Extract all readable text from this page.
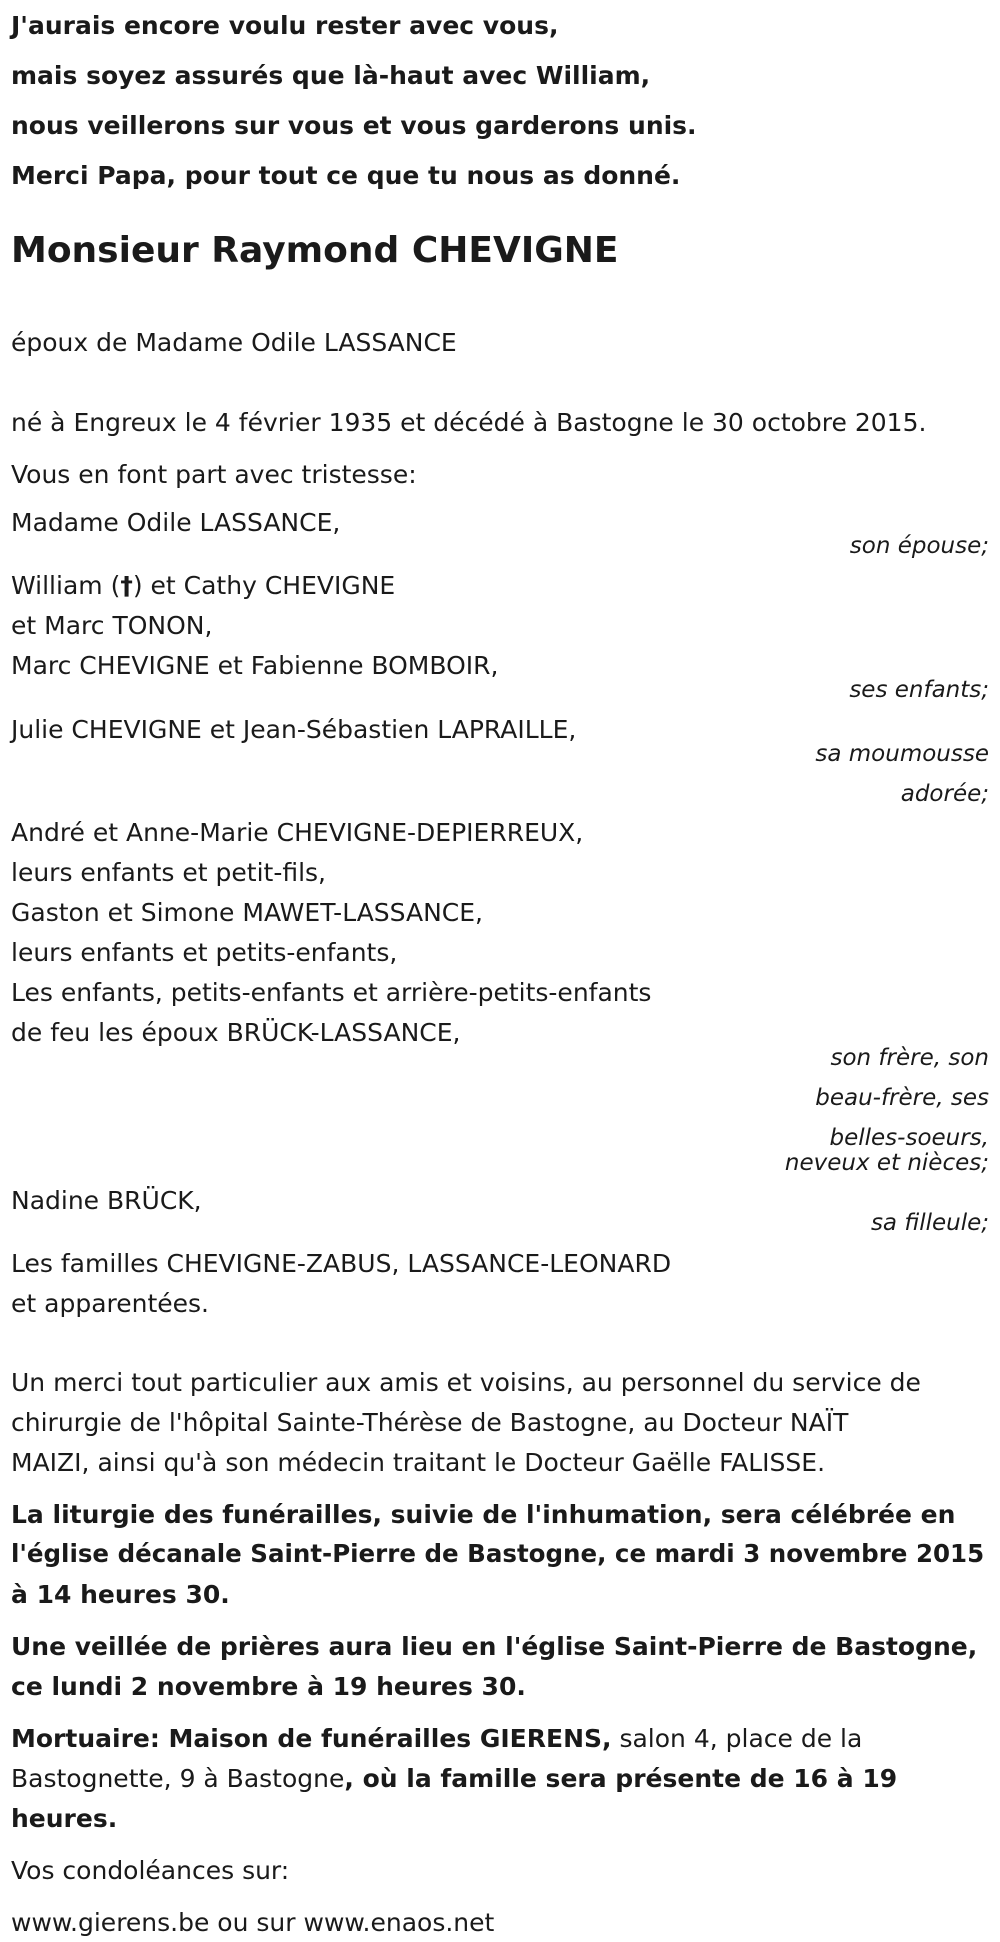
J'aurais encore voulu rester avec vous,
mais soyez assurés que là-haut avec William,
nous veillerons sur vous et vous garderons unis.
Merci Papa, pour tout ce que tu nous as donné.
Monsieur Raymond CHEVIGNE
époux de Madame Odile LASSANCE
né à Engreux le 4 février 1935 et décédé à Bastogne le 30 octobre 2015.
Vous en font part avec tristesse:
Madame Odile LASSANCE,
son épouse;
William (†) et Cathy CHEVIGNE
et Marc TONON,
Marc CHEVIGNE et Fabienne BOMBOIR,
ses enfants;
Julie CHEVIGNE et Jean-Sébastien LAPRAILLE,
sa moumousse
adorée;
André et Anne-Marie CHEVIGNE-DEPIERREUX,
leurs enfants et petit-fils,
Gaston et Simone MAWET-LASSANCE,
leurs enfants et petits-enfants,
Les enfants, petits-enfants et arrière-petits-enfants
de feu les époux BRÜCK-LASSANCE,
son frère, son
beau-frère, ses
belles-soeurs,
neveux et nièces;
Nadine BRÜCK,
sa filleule;
Les familles CHEVIGNE-ZABUS, LASSANCE-LEONARD
et apparentées.
Un merci tout particulier aux amis et voisins, au personnel du service de
chirurgie de l'hôpital Sainte-Thérèse de Bastogne, au Docteur NAÏT
MAIZI, ainsi qu'à son médecin traitant le Docteur Gaëlle FALISSE.
La liturgie des funérailles, suivie de l'inhumation, sera célébrée en
l'église décanale Saint-Pierre de Bastogne, ce mardi 3 novembre 2015
à 14 heures 30.
Une veillée de prières aura lieu en l'église Saint-Pierre de Bastogne,
ce lundi 2 novembre à 19 heures 30.
Mortuaire: Maison de funérailles GIERENS, salon 4, place de la
Bastognette, 9 à Bastogne, où la famille sera présente de 16 à 19
heures.
Vos condoléances sur:
www.gierens.be ou sur www.enaos.net
